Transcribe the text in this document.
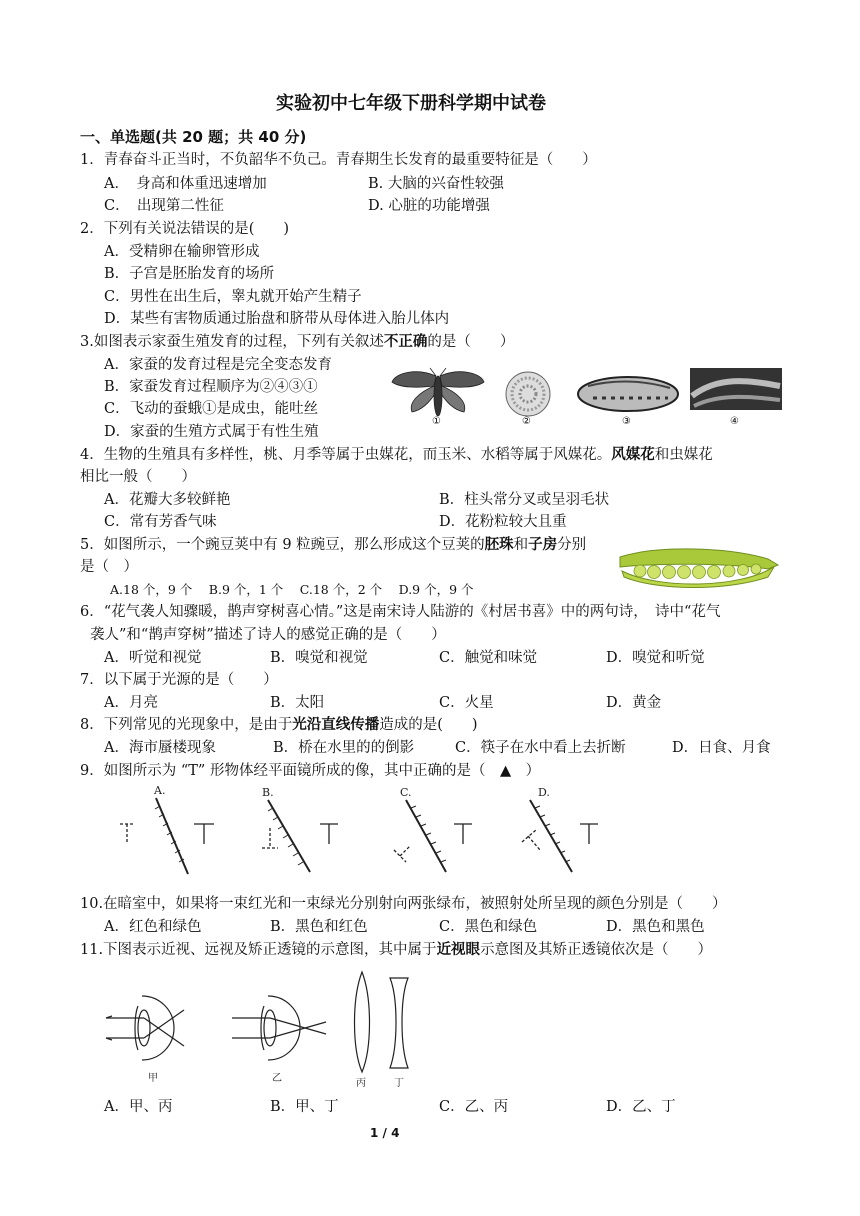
实验初中七年级下册科学期中试卷
一、单选题(共 20 题；共 40 分)
1．青春奋斗正当时，不负韶华不负己。青春期生长发育的最重要特征是（　　）
A．　身高和体重迅速增加	B. 大脑的兴奋性较强
C．　出现第二性征	D. 心脏的功能增强
2．下列有关说法错误的是(　　)
A．受精卵在输卵管形成
B．子宫是胚胎发育的场所
C．男性在出生后，睾丸就开始产生精子
D．某些有害物质通过胎盘和脐带从母体进入胎儿体内
3.如图表示家蚕生殖发育的过程，下列有关叙述不正确的是（　　）
A．家蚕的发育过程是完全变态发育
B．家蚕发育过程顺序为②④③①
C．飞动的蚕蛾①是成虫，能吐丝
D．家蚕的生殖方式属于有性生殖
①	②	③	④
4．生物的生殖具有多样性，桃、月季等属于虫媒花，而玉米、水稻等属于风媒花。风媒花和虫媒花
相比一般（　　）
A．花瓣大多较鲜艳	B．柱头常分叉或呈羽毛状
C．常有芳香气味	D．花粉粒较大且重
5．如图所示，一个豌豆荚中有 9 粒豌豆，那么形成这个豆荚的胚珠和子房分别
是（　）
A.18 个，9 个　 B.9 个，1 个　 C.18 个，2 个　 D.9 个，9 个
6．“花气袭人知骤暖，鹊声穿树喜心情。”这是南宋诗人陆游的《村居书喜》中的两句诗，　诗中“花气
袭人”和“鹊声穿树”描述了诗人的感觉正确的是（　　）
A．听觉和视觉	B．嗅觉和视觉	C．触觉和味觉	D．嗅觉和听觉
7．以下属于光源的是（　　）
A．月亮	B．太阳	C．火星	D．黄金
8．下列常见的光现象中，是由于光沿直线传播造成的是(　　)
A．海市蜃楼现象	B．桥在水里的的倒影	C．筷子在水中看上去折断	D．日食、月食
9．如图所示为 “T” 形物体经平面镜所成的像，其中正确的是（　▲　）
A.	B.	C.	D.
10.在暗室中，如果将一束红光和一束绿光分别射向两张绿布，被照射处所呈现的颜色分别是（　　）
A．红色和绿色	B．黑色和红色	C．黑色和绿色	D．黑色和黑色
11.下图表示近视、远视及矫正透镜的示意图，其中属于近视眼示意图及其矫正透镜依次是（　　）
甲	乙	丙	丁
A．甲、丙	B．甲、丁	C．乙、丙	D．乙、丁
1 / 4
